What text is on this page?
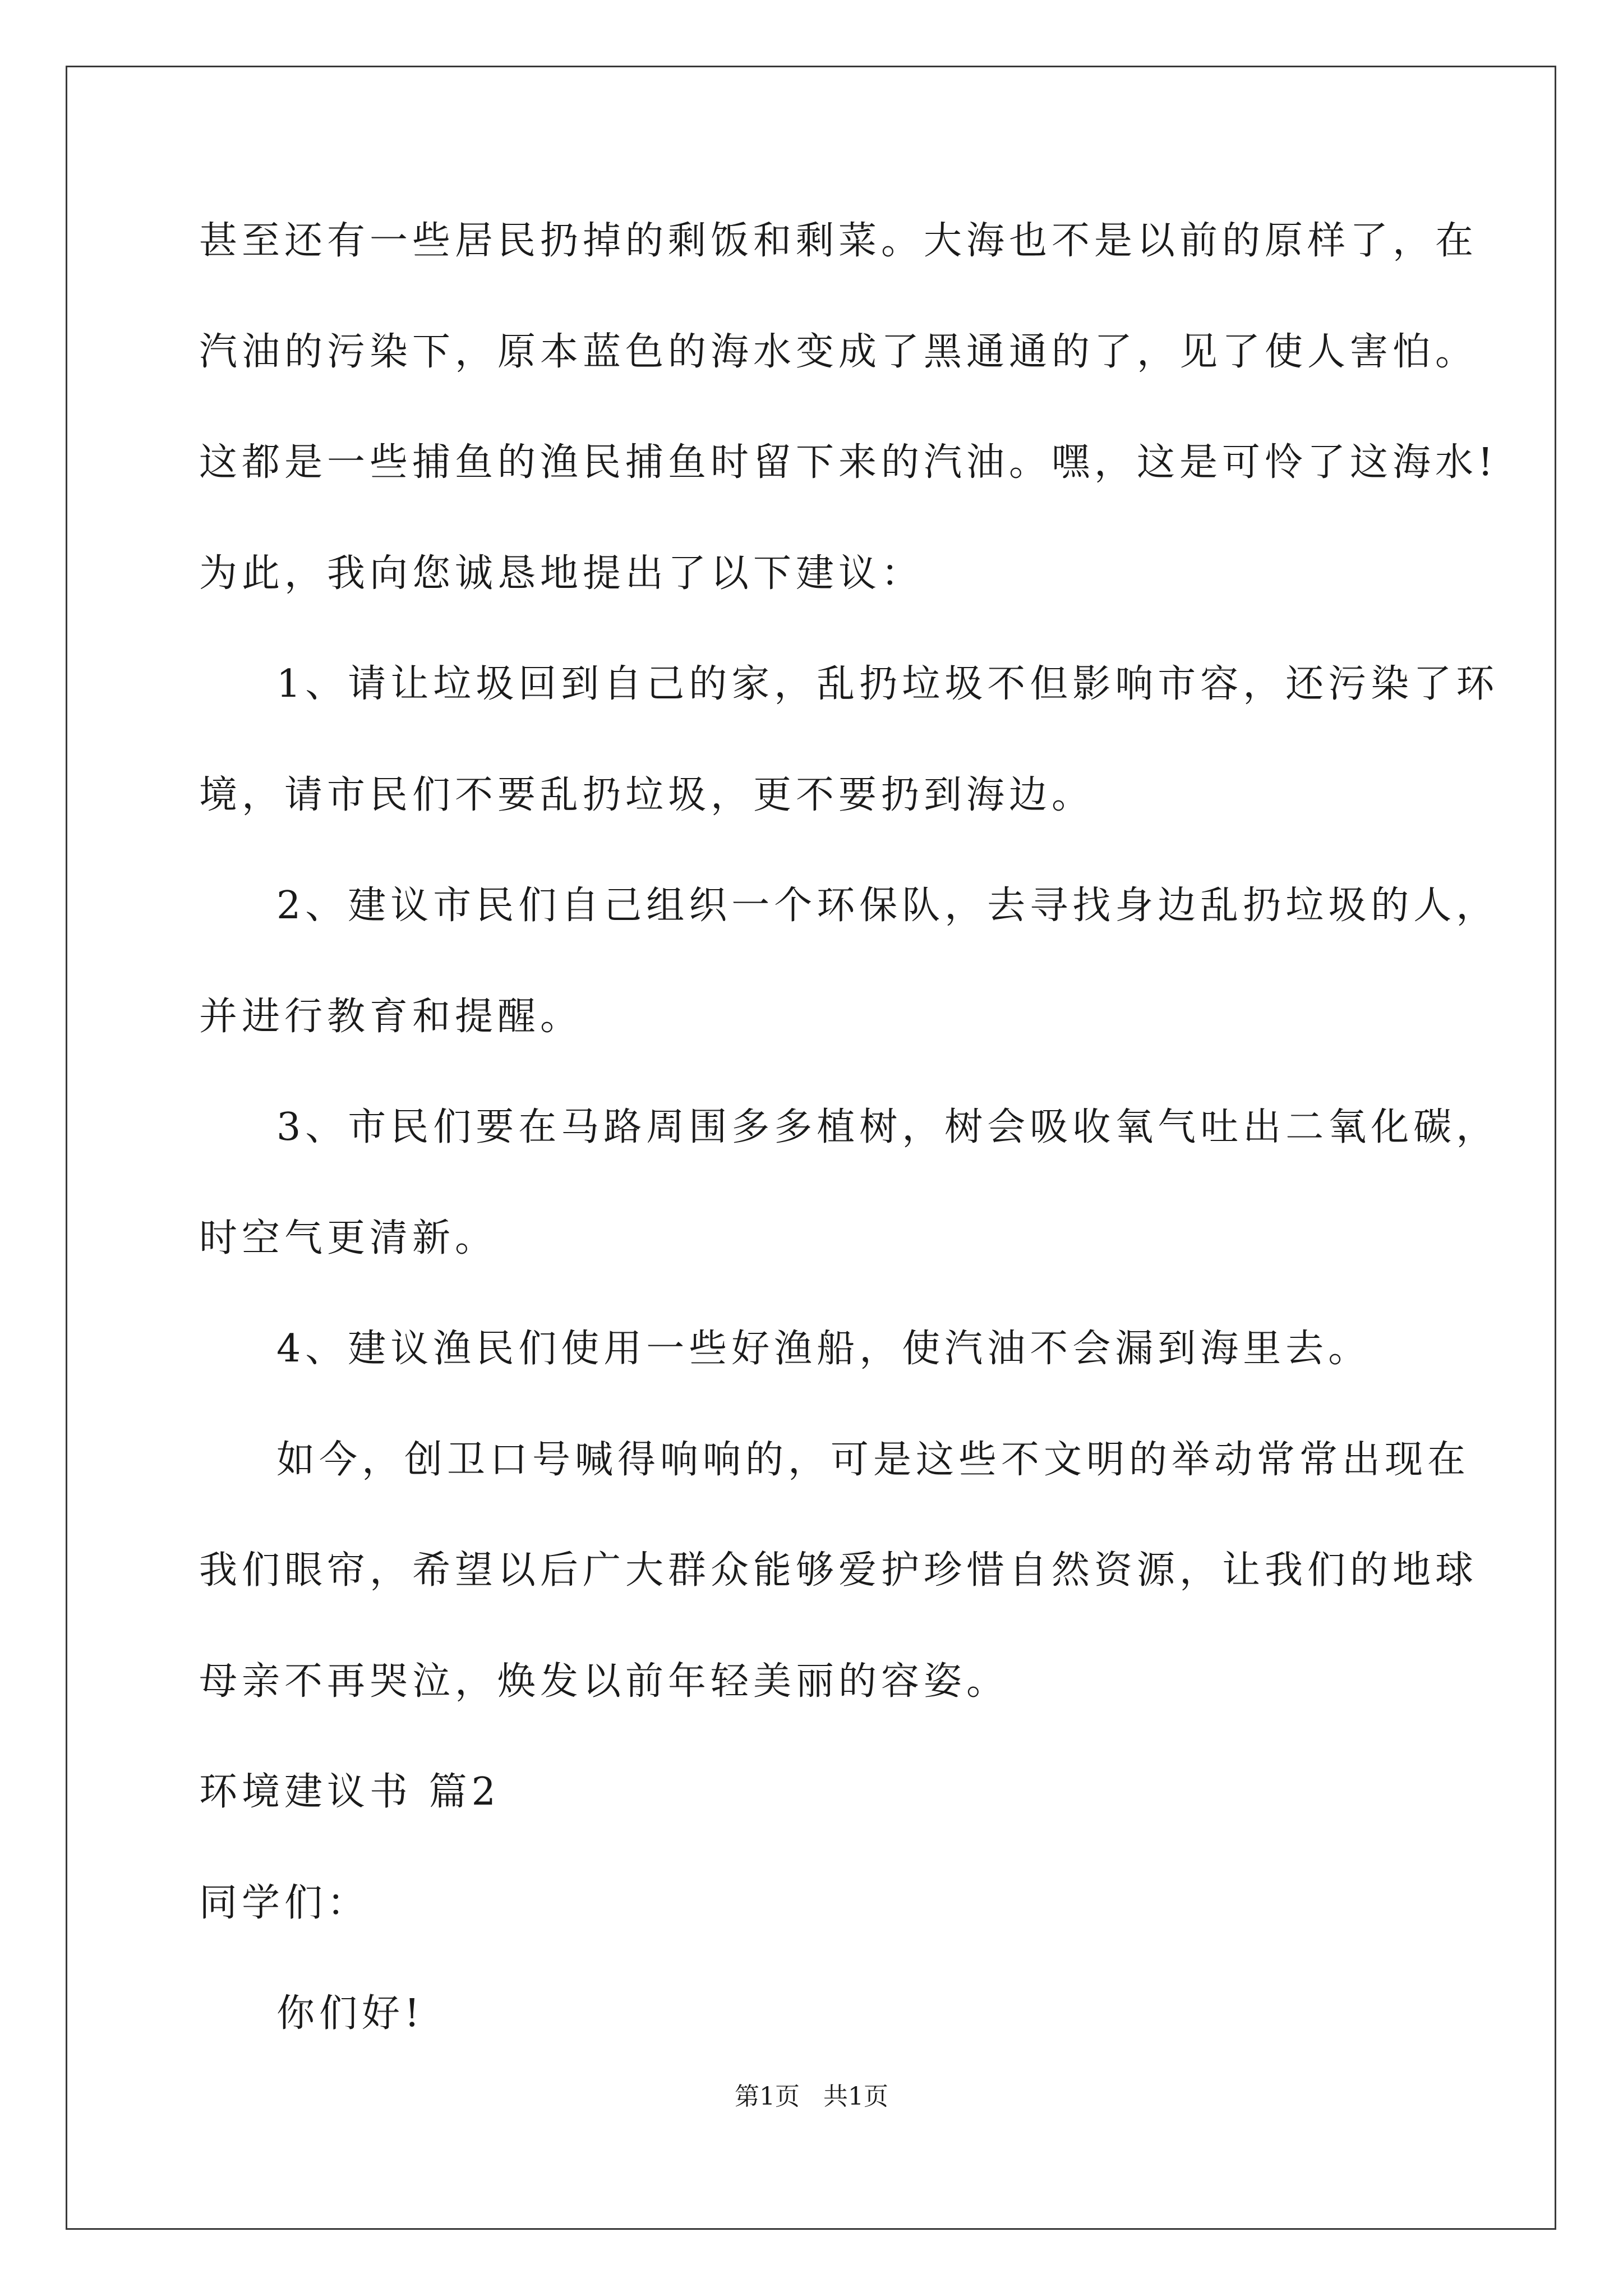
甚至还有一些居民扔掉的剩饭和剩菜。大海也不是以前的原样了，在
汽油的污染下，原本蓝色的海水变成了黑通通的了，见了使人害怕。
这都是一些捕鱼的渔民捕鱼时留下来的汽油。嘿，这是可怜了这海水!
为此，我向您诚恳地提出了以下建议：
1、请让垃圾回到自己的家，乱扔垃圾不但影响市容，还污染了环
境，请市民们不要乱扔垃圾，更不要扔到海边。
2、建议市民们自己组织一个环保队，去寻找身边乱扔垃圾的人，
并进行教育和提醒。
3、市民们要在马路周围多多植树，树会吸收氧气吐出二氧化碳，
时空气更清新。
4、建议渔民们使用一些好渔船，使汽油不会漏到海里去。
如今，创卫口号喊得响响的，可是这些不文明的举动常常出现在
我们眼帘，希望以后广大群众能够爱护珍惜自然资源，让我们的地球
母亲不再哭泣，焕发以前年轻美丽的容姿。
环境建议书 篇2
同学们：
你们好!
第1页 共1页
